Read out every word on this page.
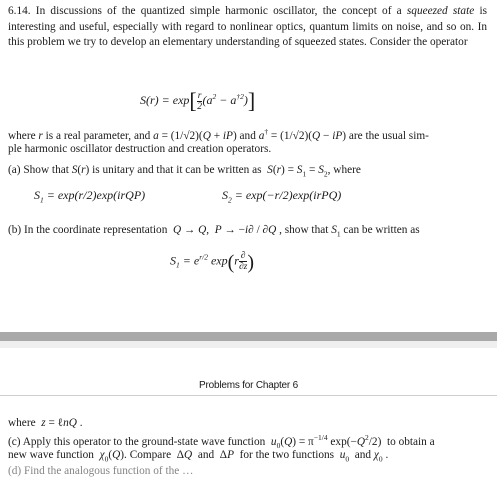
6.14. In discussions of the quantized simple harmonic oscillator, the concept of a squeezed state is interesting and useful, especially with regard to nonlinear optics, quantum limits on noise, and so on. In this problem we try to develop an elementary understanding of squeezed states. Consider the operator
$S(r) = \exp[ \frac{r}{2} (a^2 - a^{\dagger 2})]$
where r is a real parameter, and a = (1/√2)(Q + iP) and a† = (1/√2)(Q − iP) are the usual sim-
ple harmonic oscillator destruction and creation operators.
(a) Show that S(r) is unitary and that it can be written as  $S(r) = S_1 = S_2$, where
$S_1$ = exp(r/2)exp(irQP)	$S_2$ = exp(−r/2)exp(irPQ)
(b) In the coordinate representation  Q → Q,  P → −i∂ / ∂Q , show that $S_1$ can be written as
$S_1 = e^{r/2}$ $\exp(r \frac{\partial}{\partial z}$ )
Problems for Chapter 6
where  z = ℓnQ .
(c) Apply this operator to the ground-state wave function  $u_0(Q) = \pi^{-1/4}$ $\exp(-Q^2/2)$  to obtain a
new wave function  $\chi_0(Q)$. Compare  ΔQ  and  ΔP  for the two functions  $u_0$  and $\chi_0$ .
(d) Find the analogous function of the …
